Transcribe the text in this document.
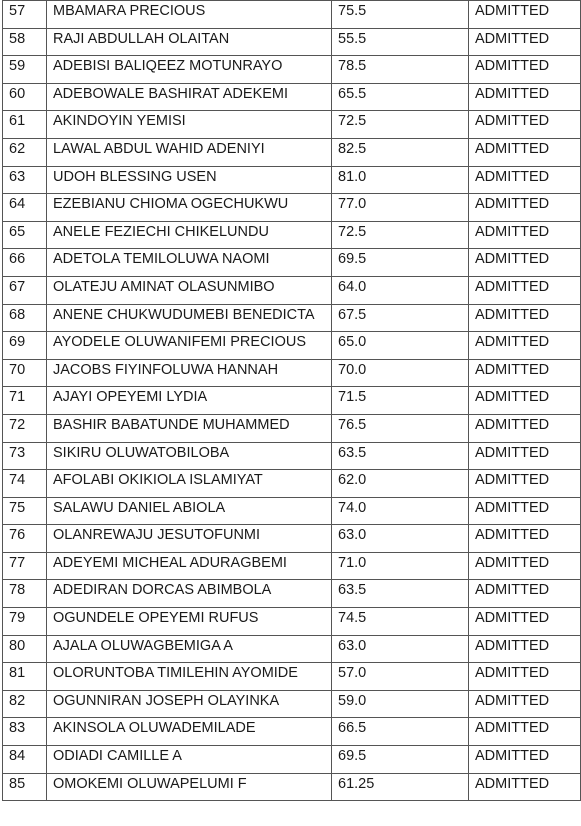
57	MBAMARA PRECIOUS	75.5	ADMITTED
58	RAJI ABDULLAH OLAITAN	55.5	ADMITTED
59	ADEBISI BALIQEEZ MOTUNRAYO	78.5	ADMITTED
60	ADEBOWALE BASHIRAT ADEKEMI	65.5	ADMITTED
61	AKINDOYIN YEMISI	72.5	ADMITTED
62	LAWAL ABDUL WAHID ADENIYI	82.5	ADMITTED
63	UDOH BLESSING USEN	81.0	ADMITTED
64	EZEBIANU CHIOMA OGECHUKWU	77.0	ADMITTED
65	ANELE FEZIECHI CHIKELUNDU	72.5	ADMITTED
66	ADETOLA TEMILOLUWA NAOMI	69.5	ADMITTED
67	OLATEJU AMINAT OLASUNMIBO	64.0	ADMITTED
68	ANENE CHUKWUDUMEBI BENEDICTA	67.5	ADMITTED
69	AYODELE OLUWANIFEMI PRECIOUS	65.0	ADMITTED
70	JACOBS FIYINFOLUWA HANNAH	70.0	ADMITTED
71	AJAYI OPEYEMI LYDIA	71.5	ADMITTED
72	BASHIR BABATUNDE MUHAMMED	76.5	ADMITTED
73	SIKIRU OLUWATOBILOBA	63.5	ADMITTED
74	AFOLABI OKIKIOLA ISLAMIYAT	62.0	ADMITTED
75	SALAWU DANIEL ABIOLA	74.0	ADMITTED
76	OLANREWAJU JESUTOFUNMI	63.0	ADMITTED
77	ADEYEMI MICHEAL ADURAGBEMI	71.0	ADMITTED
78	ADEDIRAN DORCAS ABIMBOLA	63.5	ADMITTED
79	OGUNDELE OPEYEMI RUFUS	74.5	ADMITTED
80	AJALA OLUWAGBEMIGA A	63.0	ADMITTED
81	OLORUNTOBA TIMILEHIN AYOMIDE	57.0	ADMITTED
82	OGUNNIRAN JOSEPH OLAYINKA	59.0	ADMITTED
83	AKINSOLA OLUWADEMILADE	66.5	ADMITTED
84	ODIADI CAMILLE A	69.5	ADMITTED
85	OMOKEMI OLUWAPELUMI F	61.25	ADMITTED
